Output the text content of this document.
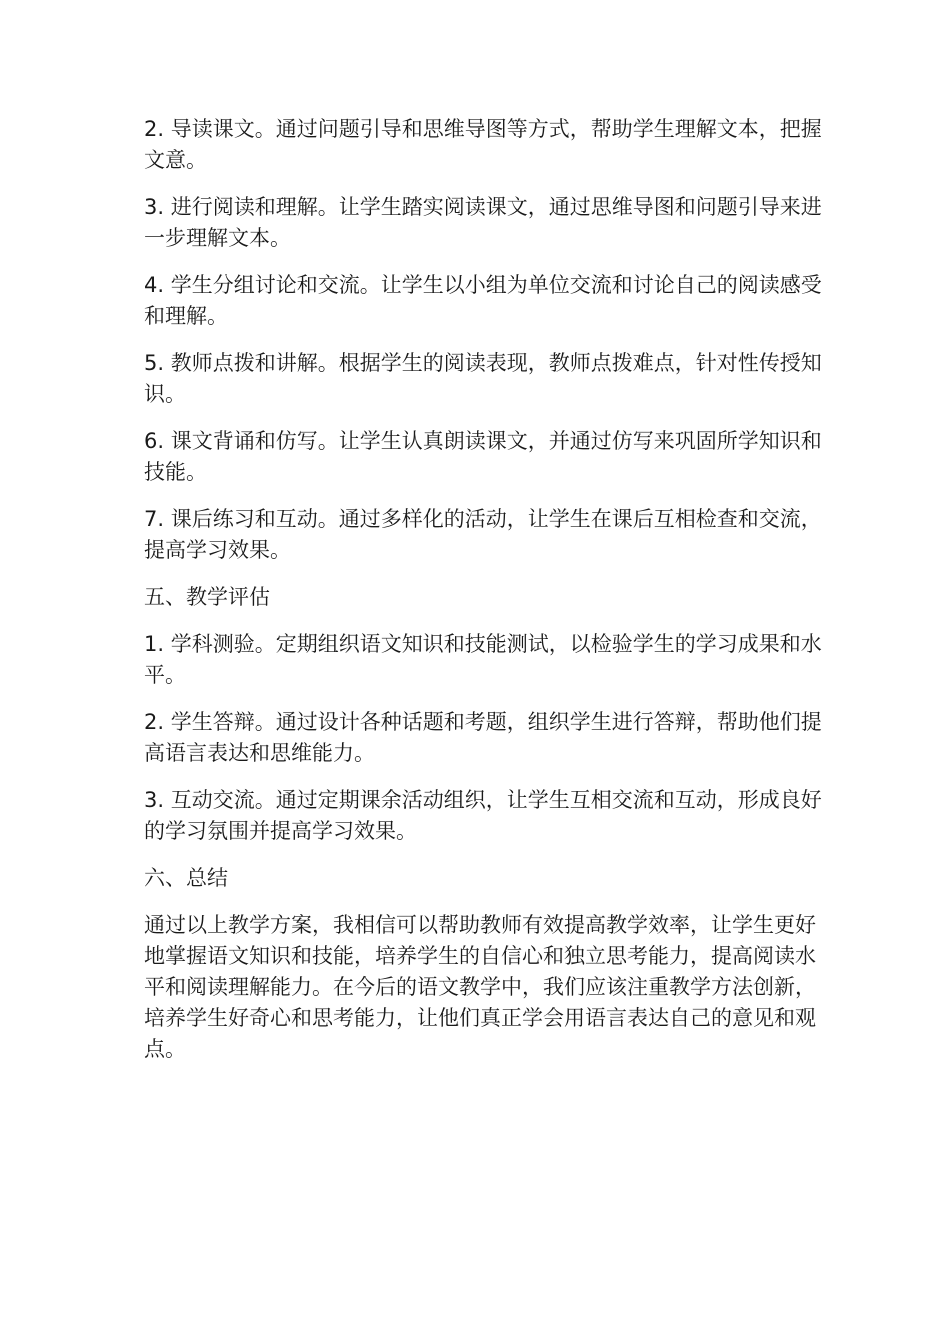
2. 导读课文。通过问题引导和思维导图等方式，帮助学生理解文本，把握文意。

3. 进行阅读和理解。让学生踏实阅读课文，通过思维导图和问题引导来进一步理解文本。

4. 学生分组讨论和交流。让学生以小组为单位交流和讨论自己的阅读感受和理解。

5. 教师点拨和讲解。根据学生的阅读表现，教师点拨难点，针对性传授知识。

6. 课文背诵和仿写。让学生认真朗读课文，并通过仿写来巩固所学知识和技能。

7. 课后练习和互动。通过多样化的活动，让学生在课后互相检查和交流，提高学习效果。

五、教学评估

1. 学科测验。定期组织语文知识和技能测试，以检验学生的学习成果和水平。

2. 学生答辩。通过设计各种话题和考题，组织学生进行答辩，帮助他们提高语言表达和思维能力。

3. 互动交流。通过定期课余活动组织，让学生互相交流和互动，形成良好的学习氛围并提高学习效果。

六、总结

通过以上教学方案，我相信可以帮助教师有效提高教学效率，让学生更好地掌握语文知识和技能，培养学生的自信心和独立思考能力，提高阅读水平和阅读理解能力。在今后的语文教学中，我们应该注重教学方法创新，培养学生好奇心和思考能力，让他们真正学会用语言表达自己的意见和观点。
